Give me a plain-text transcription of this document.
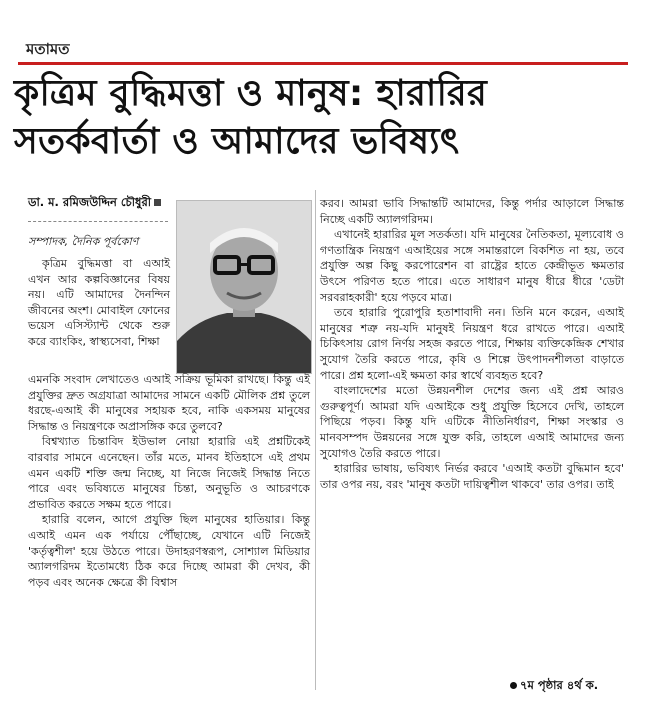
মতামত
কৃত্রিম বুদ্ধিমত্তা ও মানুষ: হারারির
সতর্কবার্তা ও আমাদের ভবিষ্যৎ
ডা. ম. রমিজউদ্দিন চৌধুরী
সম্পাদক, দৈনিক পূর্বকোণ

কৃত্রিম বুদ্ধিমত্তা বা এআই এখন আর কল্পবিজ্ঞানের বিষয় নয়। এটি আমাদের দৈনন্দিন জীবনের অংশ। মোবাইল ফোনের ভয়েস এসিস্ট্যান্ট থেকে শুরু করে ব্যাংকিং, স্বাস্থ্যসেবা, শিক্ষা

এমনকি সংবাদ লেখাতেও এআই সক্রিয় ভূমিকা রাখছে। কিন্তু এই প্রযুক্তির দ্রুত অগ্রযাত্রা আমাদের সামনে একটি মৌলিক প্রশ্ন তুলে ধরছে-এআই কী মানুষের সহায়ক হবে, নাকি একসময় মানুষের সিদ্ধান্ত ও নিয়ন্ত্রণকে অপ্রাসঙ্গিক করে তুলবে?

বিশ্বখ্যাত চিন্তাবিদ ইউভাল নোয়া হারারি এই প্রশ্নটিকেই বারবার সামনে এনেছেন। তাঁর মতে, মানব ইতিহাসে এই প্রথম এমন একটি শক্তি জন্ম নিচ্ছে, যা নিজে নিজেই সিদ্ধান্ত নিতে পারে এবং ভবিষ্যতে মানুষের চিন্তা, অনুভূতি ও আচরণকে প্রভাবিত করতে সক্ষম হতে পারে।

হারারি বলেন, আগে প্রযুক্তি ছিল মানুষের হাতিয়ার। কিন্তু এআই এমন এক পর্যায়ে পৌঁছাচ্ছে, যেখানে এটি নিজেই 'কর্তৃত্বশীল' হয়ে উঠতে পারে। উদাহরণস্বরূপ, সোশ্যাল মিডিয়ার অ্যালগরিদম ইতোমধ্যে ঠিক করে দিচ্ছে আমরা কী দেখব, কী পড়ব এবং অনেক ক্ষেত্রে কী বিশ্বাস

করব। আমরা ভাবি সিদ্ধান্তটি আমাদের, কিন্তু পর্দার আড়ালে সিদ্ধান্ত নিচ্ছে একটি অ্যালগরিদম।

এখানেই হারারির মূল সতর্কতা। যদি মানুষের নৈতিকতা, মূল্যবোধ ও গণতান্ত্রিক নিয়ন্ত্রণ এআইয়ের সঙ্গে সমান্তরালে বিকশিত না হয়, তবে প্রযুক্তি অল্প কিছু করপোরেশন বা রাষ্ট্রের হাতে কেন্দ্রীভূত ক্ষমতার উৎসে পরিণত হতে পারে। এতে সাধারণ মানুষ ধীরে ধীরে 'ডেটা সরবরাহকারী' হয়ে পড়বে মাত্র।

তবে হারারি পুরোপুরি হতাশাবাদী নন। তিনি মনে করেন, এআই মানুষের শত্রু নয়-যদি মানুষই নিয়ন্ত্রণ ধরে রাখতে পারে। এআই চিকিৎসায় রোগ নির্ণয় সহজ করতে পারে, শিক্ষায় ব্যক্তিকেন্দ্রিক শেখার সুযোগ তৈরি করতে পারে, কৃষি ও শিল্পে উৎপাদনশীলতা বাড়াতে পারে। প্রশ্ন হলো-এই ক্ষমতা কার স্বার্থে ব্যবহৃত হবে?

বাংলাদেশের মতো উন্নয়নশীল দেশের জন্য এই প্রশ্ন আরও গুরুত্বপূর্ণ। আমরা যদি এআইকে শুধু প্রযুক্তি হিসেবে দেখি, তাহলে পিছিয়ে পড়ব। কিন্তু যদি এটিকে নীতিনির্ধারণ, শিক্ষা সংস্কার ও মানবসম্পদ উন্নয়নের সঙ্গে যুক্ত করি, তাহলে এআই আমাদের জন্য সুযোগও তৈরি করতে পারে।

হারারির ভাষায়, ভবিষ্যৎ নির্ভর করবে 'এআই কতটা বুদ্ধিমান হবে' তার ওপর নয়, বরং 'মানুষ কতটা দায়িত্বশীল থাকবে' তার ওপর। তাই

৭ম পৃষ্ঠার ৪র্থ ক.
